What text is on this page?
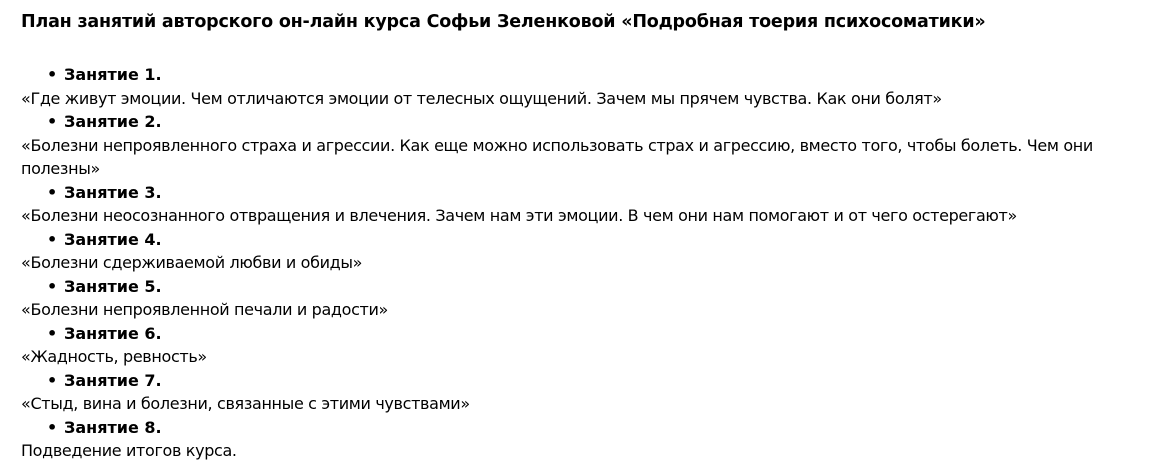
План занятий авторского он-лайн курса Софьи Зеленковой «Подробная тоерия психосоматики»
• Занятие 1.
«Где живут эмоции. Чем отличаются эмоции от телесных ощущений. Зачем мы прячем чувства. Как они болят»
• Занятие 2.
«Болезни непроявленного страха и агрессии. Как еще можно использовать страх и агрессию, вместо того, чтобы болеть. Чем они полезны»
• Занятие 3.
«Болезни неосознанного отвращения и влечения. Зачем нам эти эмоции. В чем они нам помогают и от чего остерегают»
• Занятие 4.
«Болезни сдерживаемой любви и обиды»
• Занятие 5.
«Болезни непроявленной печали и радости»
• Занятие 6.
«Жадность, ревность»
• Занятие 7.
«Стыд, вина и болезни, связанные с этими чувствами»
• Занятие 8.
Подведение итогов курса.
